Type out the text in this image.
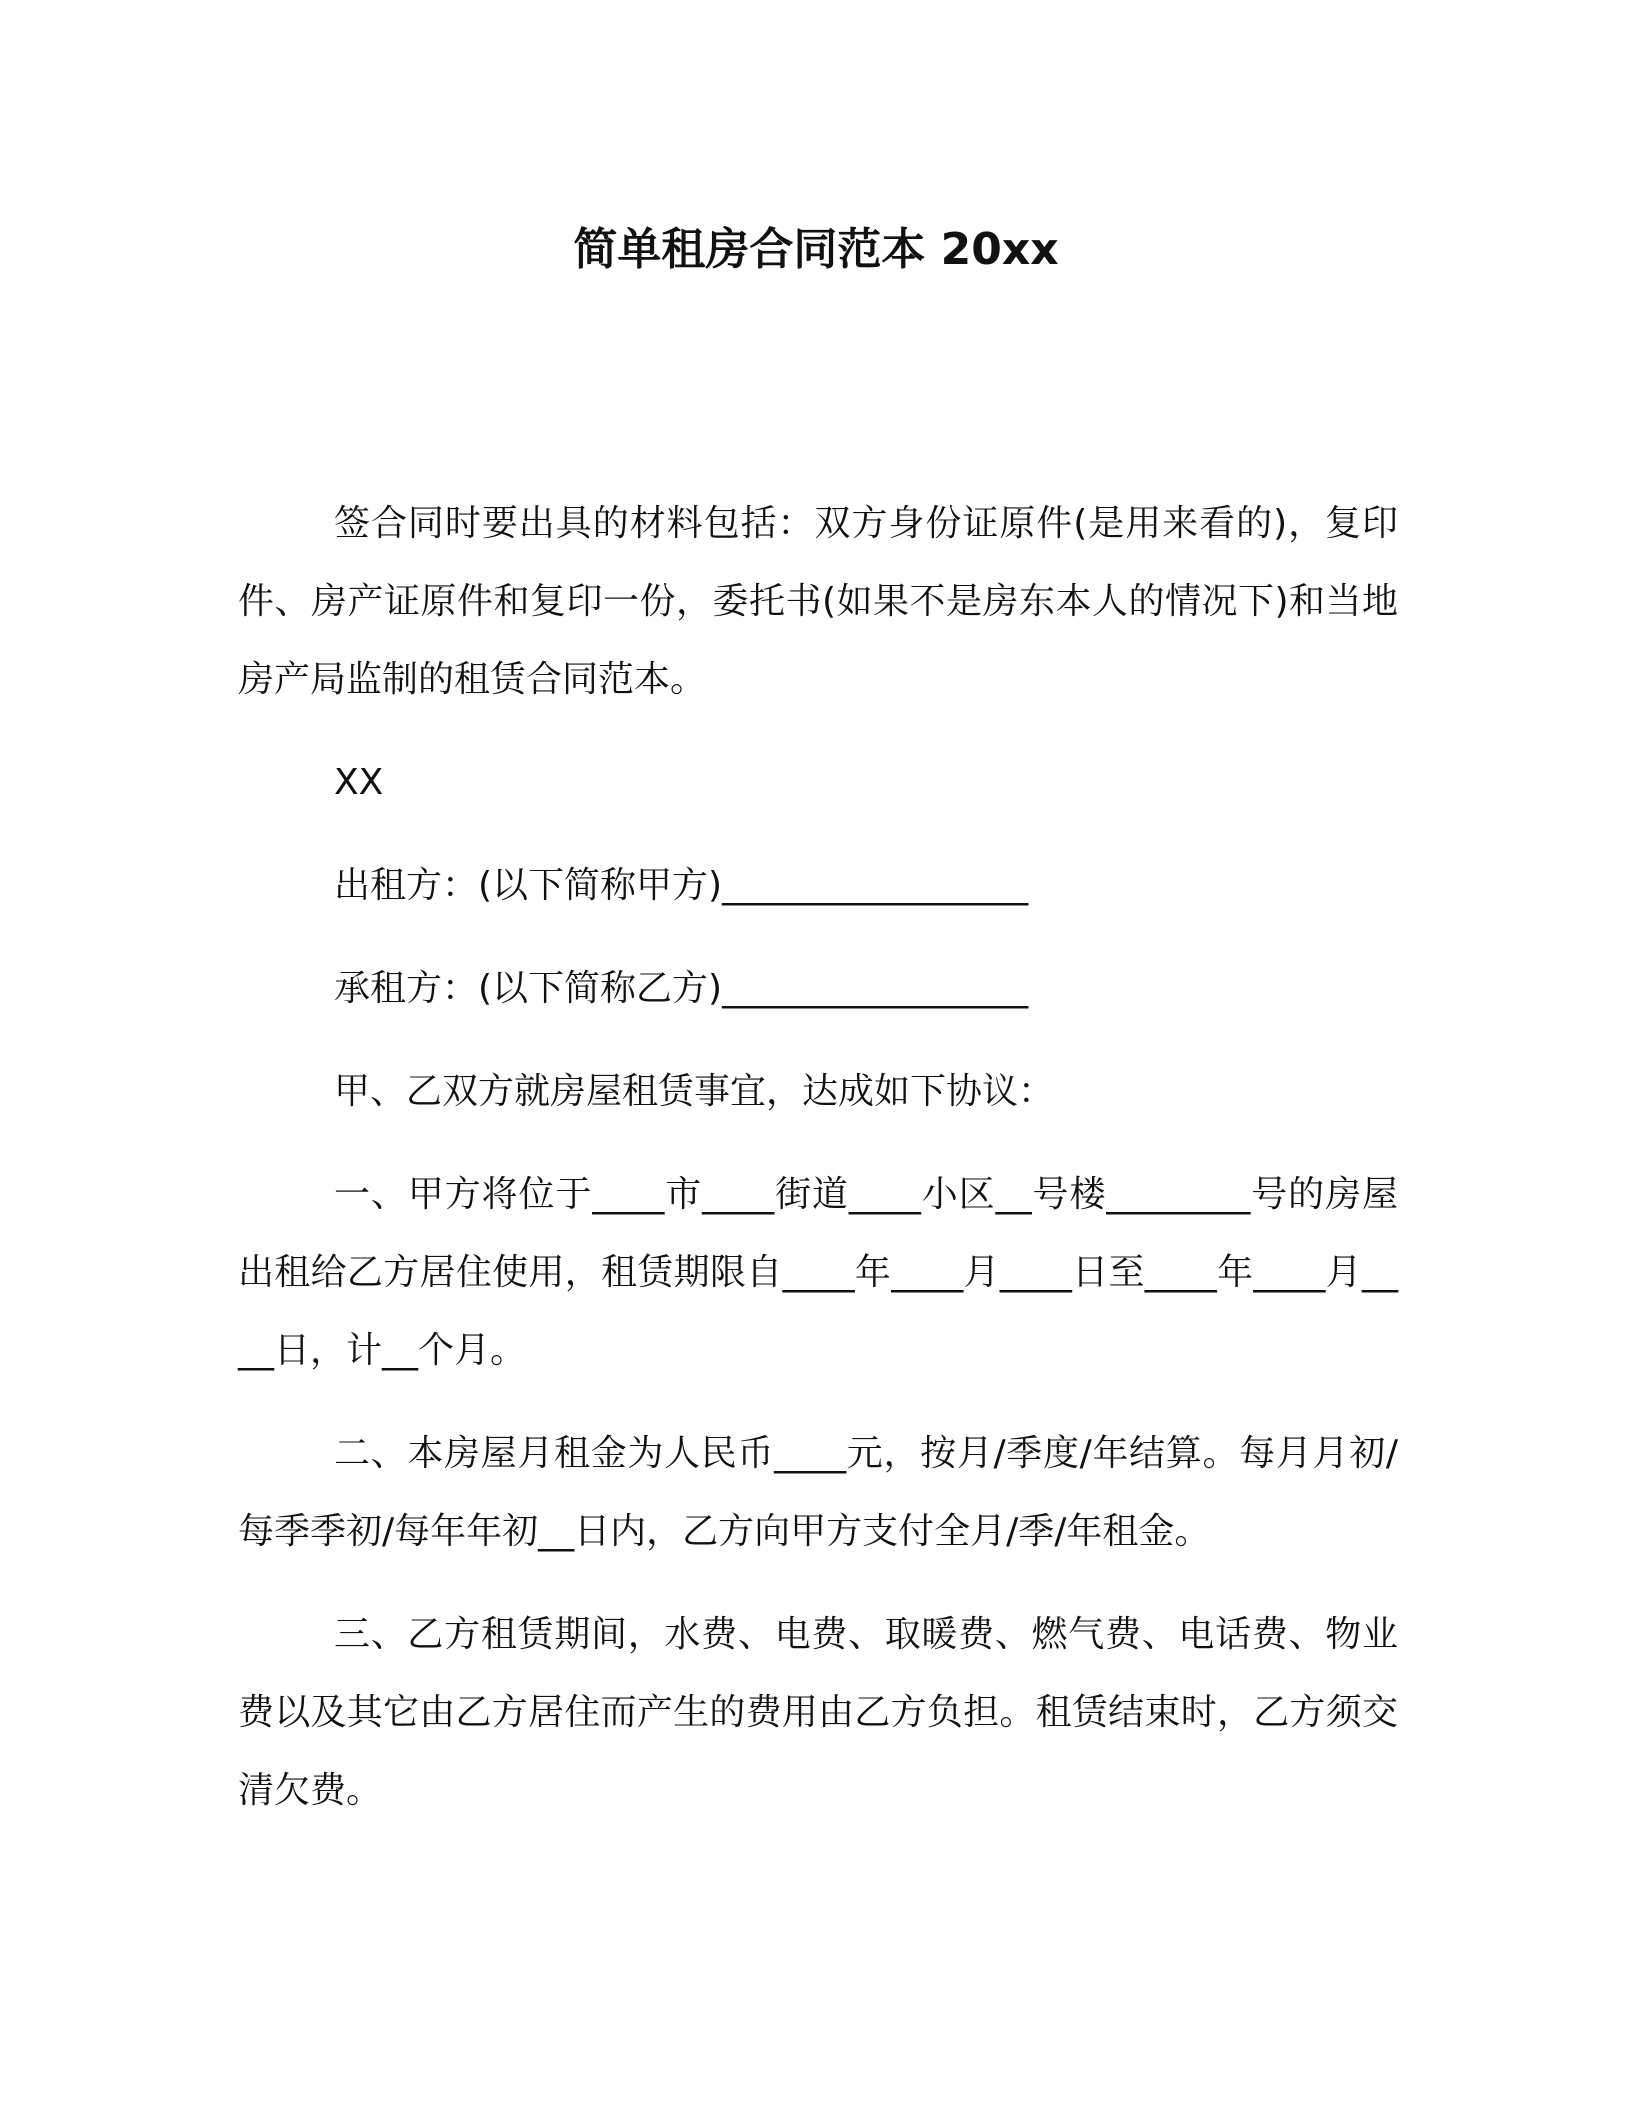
简单租房合同范本 20xx

签合同时要出具的材料包括：双方身份证原件(是用来看的)，复印件、房产证原件和复印一份，委托书(如果不是房东本人的情况下)和当地房产局监制的租赁合同范本。

XX

出租方：(以下简称甲方)_________________

承租方：(以下简称乙方)_________________

甲、乙双方就房屋租赁事宜，达成如下协议：

一、甲方将位于____市____街道____小区__号楼________号的房屋出租给乙方居住使用，租赁期限自____年____月____日至____年____月____日，计__个月。

二、本房屋月租金为人民币____元，按月/季度/年结算。每月月初/每季季初/每年年初__日内，乙方向甲方支付全月/季/年租金。

三、乙方租赁期间，水费、电费、取暖费、燃气费、电话费、物业费以及其它由乙方居住而产生的费用由乙方负担。租赁结束时，乙方须交清欠费。
